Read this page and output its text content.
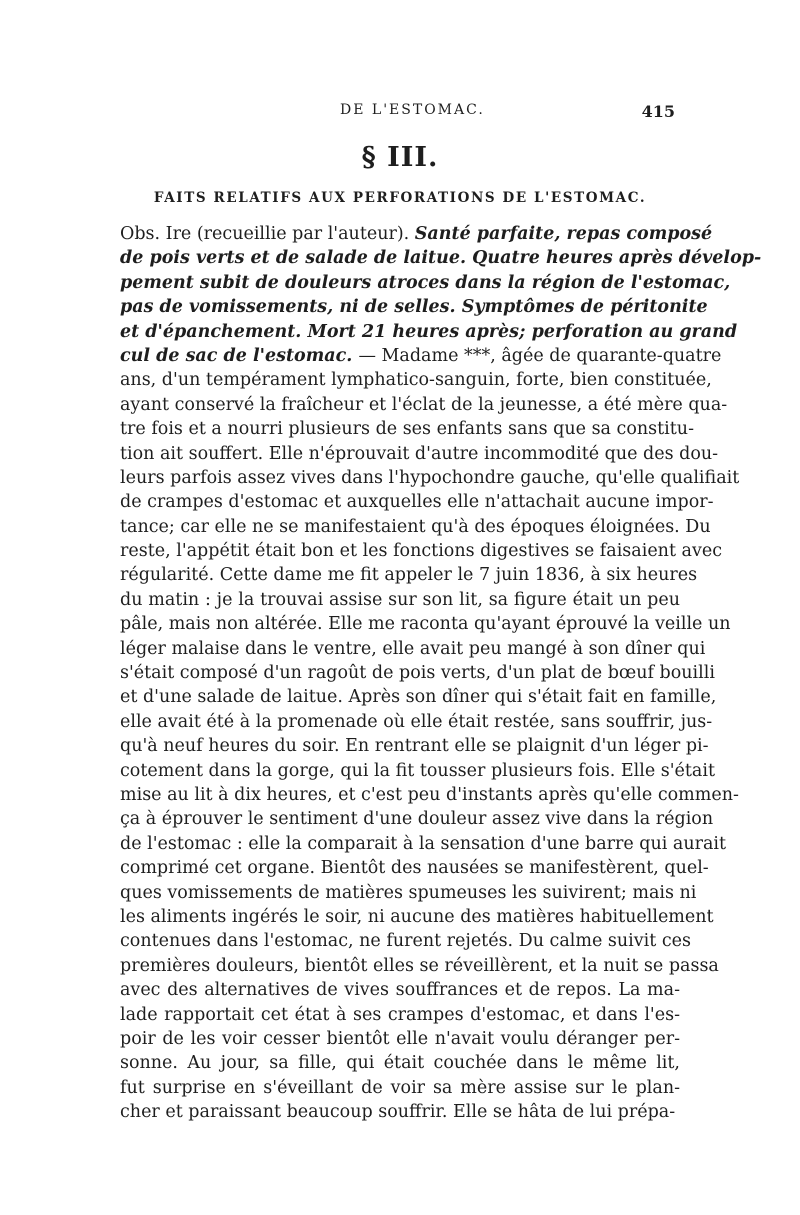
DE L'ESTOMAC.	415
§ III.
FAITS RELATIFS AUX PERFORATIONS DE L'ESTOMAC.
Obs. Ire (recueillie par l'auteur). Santé parfaite, repas composé
de pois verts et de salade de laitue. Quatre heures après dévelop-
pement subit de douleurs atroces dans la région de l'estomac,
pas de vomissements, ni de selles. Symptômes de péritonite
et d'épanchement. Mort 21 heures après; perforation au grand
cul de sac de l'estomac. — Madame ***, âgée de quarante-quatre
ans, d'un tempérament lymphatico-sanguin, forte, bien constituée,
ayant conservé la fraîcheur et l'éclat de la jeunesse, a été mère qua-
tre fois et a nourri plusieurs de ses enfants sans que sa constitu-
tion ait souffert. Elle n'éprouvait d'autre incommodité que des dou-
leurs parfois assez vives dans l'hypochondre gauche, qu'elle qualifiait
de crampes d'estomac et auxquelles elle n'attachait aucune impor-
tance; car elle ne se manifestaient qu'à des époques éloignées. Du
reste, l'appétit était bon et les fonctions digestives se faisaient avec
régularité. Cette dame me fit appeler le 7 juin 1836, à six heures
du matin : je la trouvai assise sur son lit, sa figure était un peu
pâle, mais non altérée. Elle me raconta qu'ayant éprouvé la veille un
léger malaise dans le ventre, elle avait peu mangé à son dîner qui
s'était composé d'un ragoût de pois verts, d'un plat de bœuf bouilli
et d'une salade de laitue. Après son dîner qui s'était fait en famille,
elle avait été à la promenade où elle était restée, sans souffrir, jus-
qu'à neuf heures du soir. En rentrant elle se plaignit d'un léger pi-
cotement dans la gorge, qui la fit tousser plusieurs fois. Elle s'était
mise au lit à dix heures, et c'est peu d'instants après qu'elle commen-
ça à éprouver le sentiment d'une douleur assez vive dans la région
de l'estomac : elle la comparait à la sensation d'une barre qui aurait
comprimé cet organe. Bientôt des nausées se manifestèrent, quel-
ques vomissements de matières spumeuses les suivirent; mais ni
les aliments ingérés le soir, ni aucune des matières habituellement
contenues dans l'estomac, ne furent rejetés. Du calme suivit ces
premières douleurs, bientôt elles se réveillèrent, et la nuit se passa
avec des alternatives de vives souffrances et de repos. La ma-
lade rapportait cet état à ses crampes d'estomac, et dans l'es-
poir de les voir cesser bientôt elle n'avait voulu déranger per-
sonne. Au jour, sa fille, qui était couchée dans le même lit,
fut surprise en s'éveillant de voir sa mère assise sur le plan-
cher et paraissant beaucoup souffrir. Elle se hâta de lui prépa-
